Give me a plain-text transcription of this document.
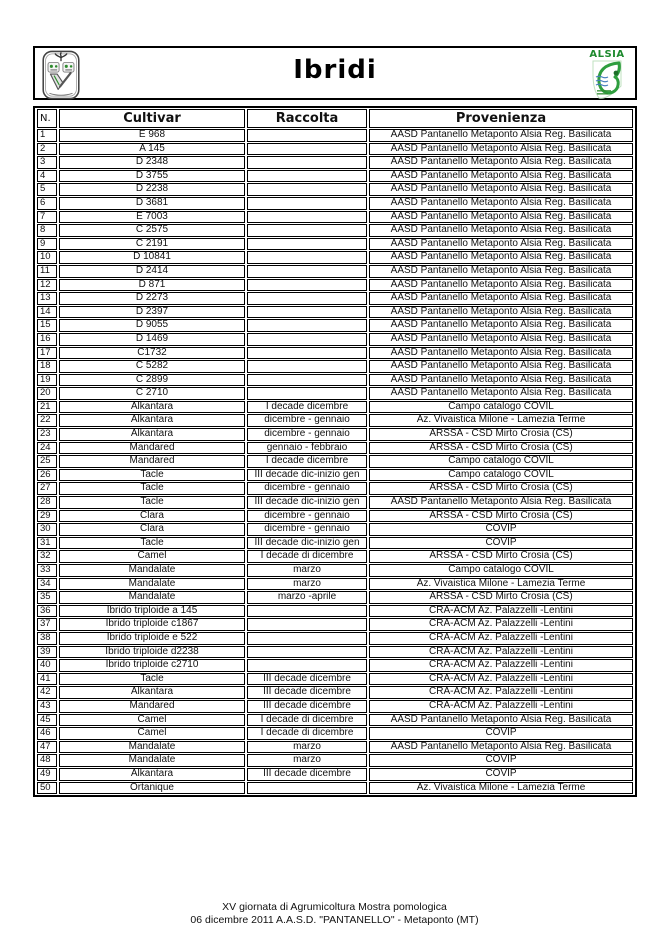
Ibridi
ALSIA
N.	Cultivar	Raccolta	Provenienza
1	E 968		AASD Pantanello Metaponto Alsia Reg. Basilicata
2	A 145		AASD Pantanello Metaponto Alsia Reg. Basilicata
3	D 2348		AASD Pantanello Metaponto Alsia Reg. Basilicata
4	D 3755		AASD Pantanello Metaponto Alsia Reg. Basilicata
5	D 2238		AASD Pantanello Metaponto Alsia Reg. Basilicata
6	D 3681		AASD Pantanello Metaponto Alsia Reg. Basilicata
7	E 7003		AASD Pantanello Metaponto Alsia Reg. Basilicata
8	C 2575		AASD Pantanello Metaponto Alsia Reg. Basilicata
9	C 2191		AASD Pantanello Metaponto Alsia Reg. Basilicata
10	D 10841		AASD Pantanello Metaponto Alsia Reg. Basilicata
11	D 2414		AASD Pantanello Metaponto Alsia Reg. Basilicata
12	D 871		AASD Pantanello Metaponto Alsia Reg. Basilicata
13	D 2273		AASD Pantanello Metaponto Alsia Reg. Basilicata
14	D 2397		AASD Pantanello Metaponto Alsia Reg. Basilicata
15	D 9055		AASD Pantanello Metaponto Alsia Reg. Basilicata
16	D 1469		AASD Pantanello Metaponto Alsia Reg. Basilicata
17	C1732		AASD Pantanello Metaponto Alsia Reg. Basilicata
18	C 5282		AASD Pantanello Metaponto Alsia Reg. Basilicata
19	C 2899		AASD Pantanello Metaponto Alsia Reg. Basilicata
20	C 2710		AASD Pantanello Metaponto Alsia Reg. Basilicata
21	Alkantara	I decade dicembre	Campo catalogo COVIL
22	Alkantara	dicembre - gennaio	Az. Vivaistica Milone - Lamezia Terme
23	Alkantara	dicembre - gennaio	ARSSA - CSD Mirto Crosia (CS)
24	Mandared	gennaio - febbraio	ARSSA - CSD Mirto Crosia (CS)
25	Mandared	I decade dicembre	Campo catalogo COVIL
26	Tacle	III decade dic-inizio gen	Campo catalogo COVIL
27	Tacle	dicembre - gennaio	ARSSA - CSD Mirto Crosia (CS)
28	Tacle	III decade dic-inizio gen	AASD Pantanello Metaponto Alsia Reg. Basilicata
29	Clara	dicembre - gennaio	ARSSA - CSD Mirto Crosia (CS)
30	Clara	dicembre - gennaio	COVIP
31	Tacle	III decade dic-inizio gen	COVIP
32	Camel	I decade di dicembre	ARSSA - CSD Mirto Crosia (CS)
33	Mandalate	marzo	Campo catalogo COVIL
34	Mandalate	marzo	Az. Vivaistica Milone - Lamezia Terme
35	Mandalate	marzo -aprile	ARSSA - CSD Mirto Crosia (CS)
36	Ibrido triploide a 145		CRA-ACM Az. Palazzelli -Lentini
37	Ibrido triploide c1867		CRA-ACM Az. Palazzelli -Lentini
38	Ibrido triploide e 522		CRA-ACM Az. Palazzelli -Lentini
39	Ibrido triploide d2238		CRA-ACM Az. Palazzelli -Lentini
40	Ibrido triploide c2710		CRA-ACM Az. Palazzelli -Lentini
41	Tacle	III decade dicembre	CRA-ACM Az. Palazzelli -Lentini
42	Alkantara	III decade dicembre	CRA-ACM Az. Palazzelli -Lentini
43	Mandared	III decade dicembre	CRA-ACM Az. Palazzelli -Lentini
45	Camel	I decade di dicembre	AASD Pantanello Metaponto Alsia Reg. Basilicata
46	Camel	I decade di dicembre	COVIP
47	Mandalate	marzo	AASD Pantanello Metaponto Alsia Reg. Basilicata
48	Mandalate	marzo	COVIP
49	Alkantara	III decade dicembre	COVIP
50	Ortanique		Az. Vivaistica Milone - Lamezia Terme
XV giornata di Agrumicoltura Mostra pomologica
06 dicembre 2011 A.A.S.D. "PANTANELLO" - Metaponto (MT)
